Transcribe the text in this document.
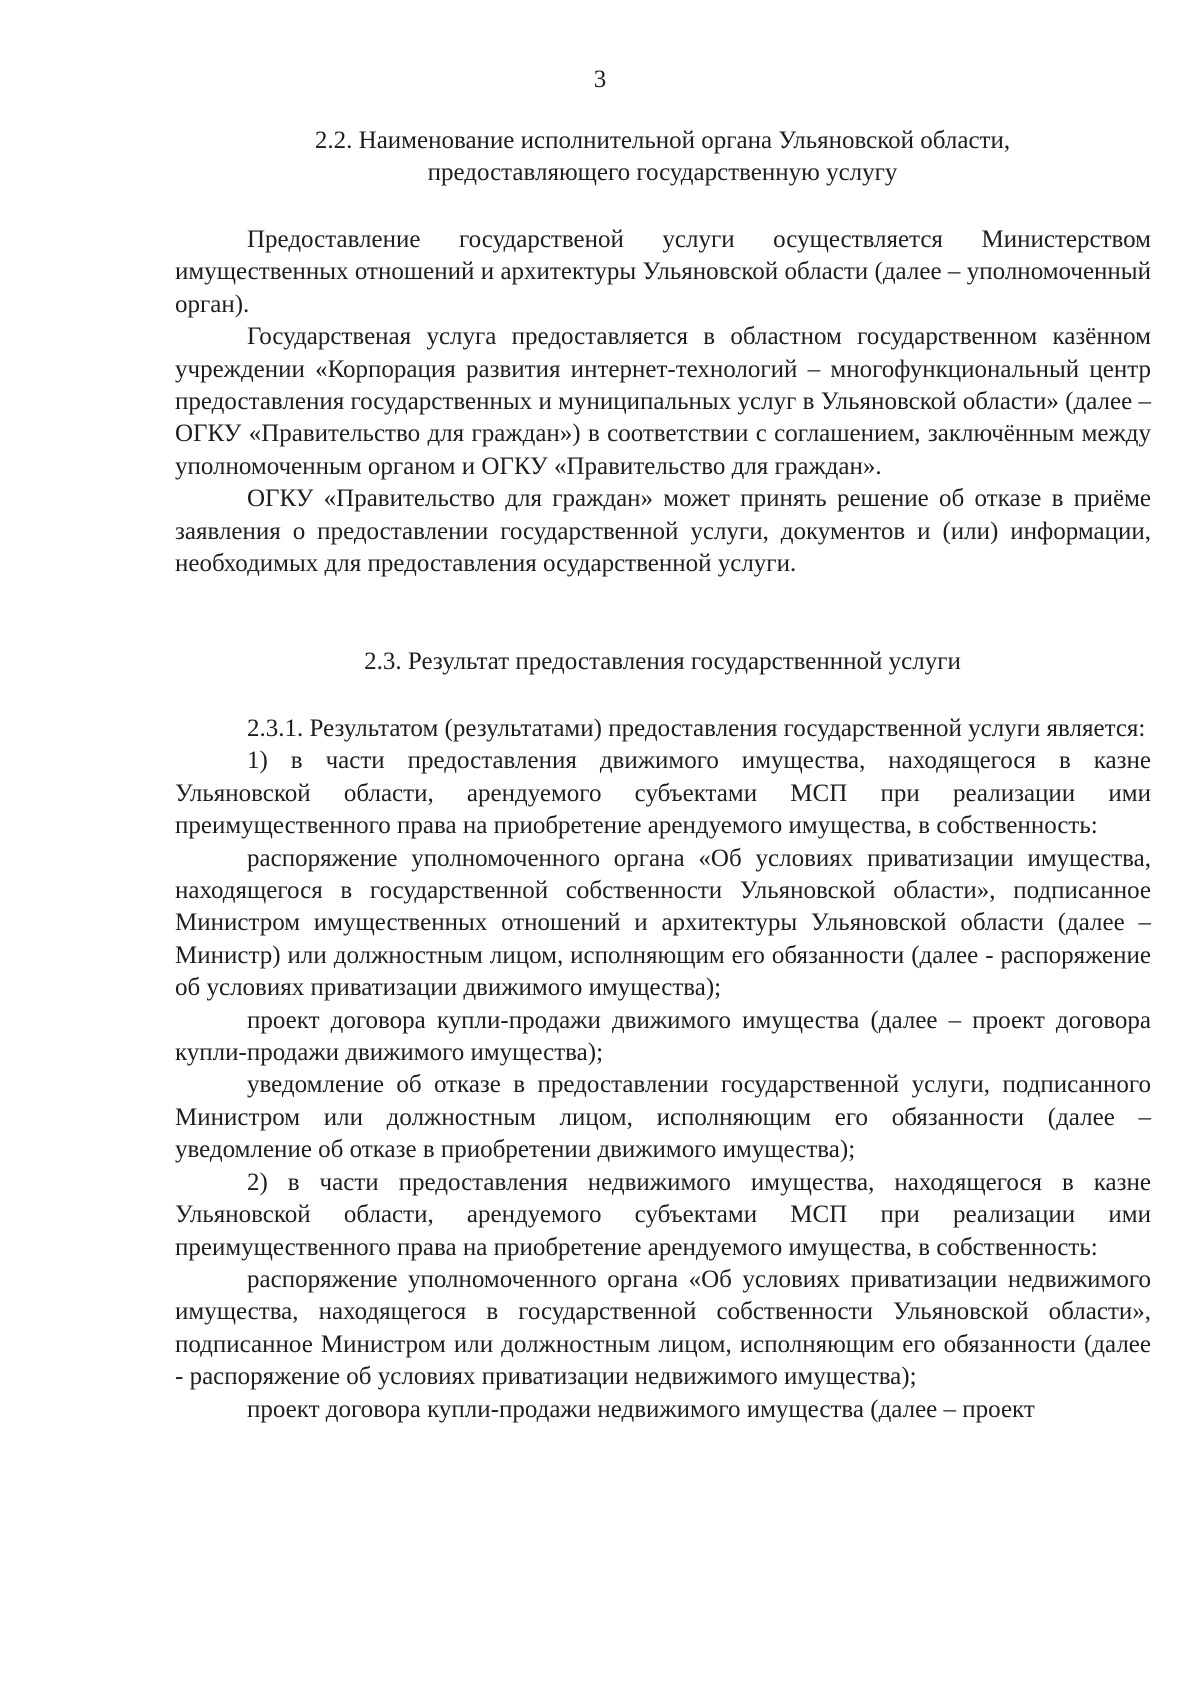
3
2.2. Наименование исполнительной органа Ульяновской области,
предоставляющего государственную услугу

Предоставление государственой услуги осуществляется Министерством имущественных отношений и архитектуры Ульяновской области (далее – уполномоченный орган).

Государственая услуга предоставляется в областном государственном казённом учреждении «Корпорация развития интернет-технологий – многофункциональный центр предоставления государственных и муниципальных услуг в Ульяновской области» (далее – ОГКУ «Правительство для граждан») в соответствии с соглашением, заключённым между уполномоченным органом и ОГКУ «Правительство для граждан».

ОГКУ «Правительство для граждан» может принять решение об отказе в приёме заявления о предоставлении государственной услуги, документов и (или) информации, необходимых для предоставления осударственной услуги.

2.3. Результат предоставления государственнной услуги

2.3.1. Результатом (результатами) предоставления государственной услуги является:

1) в части предоставления движимого имущества, находящегося в казне Ульяновской области, арендуемого субъектами МСП при реализации ими преимущественного права на приобретение арендуемого имущества, в собственность:

распоряжение уполномоченного органа «Об условиях приватизации имущества, находящегося в государственной собственности Ульяновской области», подписанное Министром имущественных отношений и архитектуры Ульяновской области (далее –Министр) или должностным лицом, исполняющим его обязанности (далее - распоряжение об условиях приватизации движимого имущества);

проект договора купли-продажи движимого имущества (далее – проект договора купли-продажи движимого имущества);

уведомление об отказе в предоставлении государственной услуги, подписанного Министром или должностным лицом, исполняющим его обязанности (далее – уведомление об отказе в приобретении движимого имущества);

2) в части предоставления недвижимого имущества, находящегося в казне Ульяновской области, арендуемого субъектами МСП при реализации ими преимущественного права на приобретение арендуемого имущества, в собственность:

распоряжение уполномоченного органа «Об условиях приватизации недвижимого имущества, находящегося в государственной собственности Ульяновской области», подписанное Министром или должностным лицом, исполняющим его обязанности (далее - распоряжение об условиях приватизации недвижимого имущества);

проект договора купли-продажи недвижимого имущества (далее – проект
